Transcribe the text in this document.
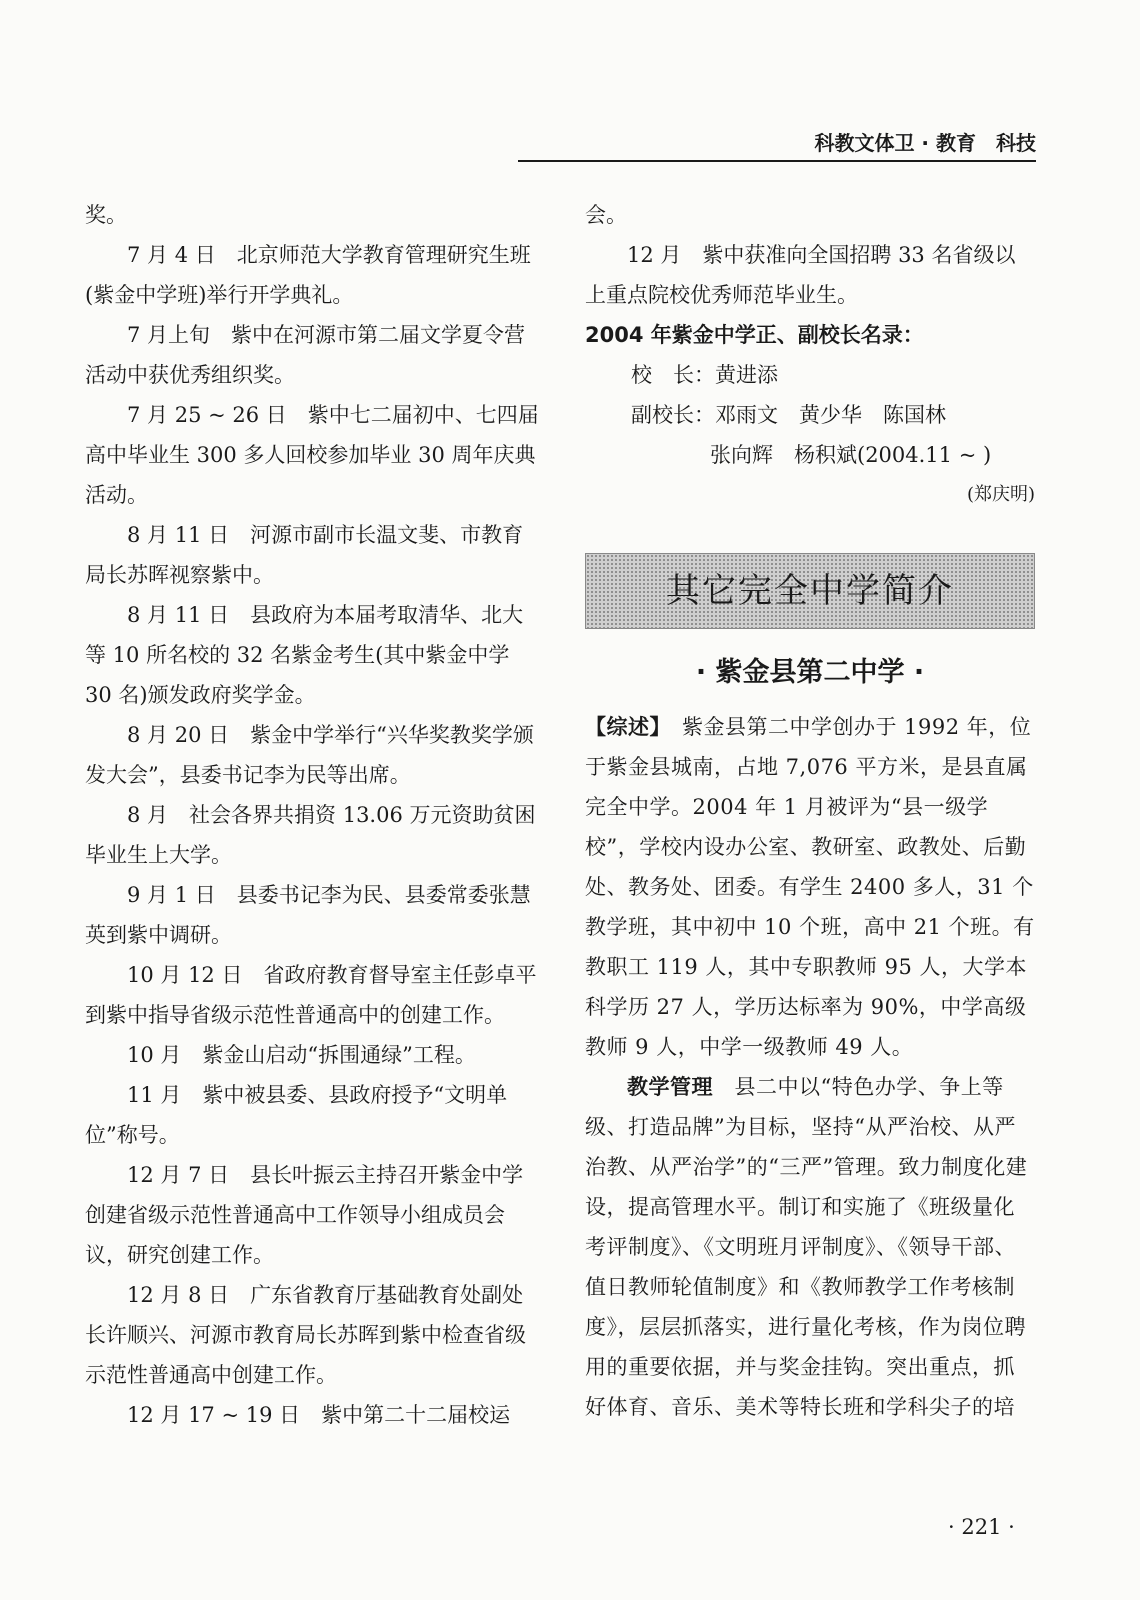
科教文体卫 · 教育　科技

奖。

7 月 4 日　北京师范大学教育管理研究生班(紫金中学班)举行开学典礼。

7 月上旬　紫中在河源市第二届文学夏令营活动中获优秀组织奖。

7 月 25 ~ 26 日　紫中七二届初中、七四届高中毕业生 300 多人回校参加毕业 30 周年庆典活动。

8 月 11 日　河源市副市长温文斐、市教育局长苏晖视察紫中。

8 月 11 日　县政府为本届考取清华、北大等 10 所名校的 32 名紫金考生(其中紫金中学 30 名)颁发政府奖学金。

8 月 20 日　紫金中学举行“兴华奖教奖学颁发大会”，县委书记李为民等出席。

8 月　社会各界共捐资 13.06 万元资助贫困毕业生上大学。

9 月 1 日　县委书记李为民、县委常委张慧英到紫中调研。

10 月 12 日　省政府教育督导室主任彭卓平到紫中指导省级示范性普通高中的创建工作。

10 月　紫金山启动“拆围通绿”工程。

11 月　紫中被县委、县政府授予“文明单位”称号。

12 月 7 日　县长叶振云主持召开紫金中学创建省级示范性普通高中工作领导小组成员会议，研究创建工作。

12 月 8 日　广东省教育厅基础教育处副处长许顺兴、河源市教育局长苏晖到紫中检查省级示范性普通高中创建工作。

12 月 17 ~ 19 日　紫中第二十二届校运

会。

12 月　紫中获准向全国招聘 33 名省级以上重点院校优秀师范毕业生。

2004 年紫金中学正、副校长名录：

校　长：黄进添

副校长：邓雨文　黄少华　陈国林

张向辉　杨积斌(2004.11 ~ )

(郑庆明)

其它完全中学简介
· 紫金县第二中学 ·

【综述】　 紫金县第二中学创办于 1992 年，位于紫金县城南，占地 7,076 平方米，是县直属完全中学。2004 年 1 月被评为“县一级学校”，学校内设办公室、教研室、政教处、后勤处、教务处、团委。有学生 2400 多人，31 个教学班，其中初中 10 个班，高中 21 个班。有教职工 119 人，其中专职教师 95 人，大学本科学历 27 人，学历达标率为 90%，中学高级教师 9 人，中学一级教师 49 人。

教学管理　 县二中以“特色办学、争上等级、打造品牌”为目标，坚持“从严治校、从严治教、从严治学”的“三严”管理。致力制度化建设，提高管理水平。制订和实施了《班级量化考评制度》、《文明班月评制度》、《领导干部、值日教师轮值制度》和《教师教学工作考核制度》，层层抓落实，进行量化考核，作为岗位聘用的重要依据，并与奖金挂钩。突出重点，抓好体育、音乐、美术等特长班和学科尖子的培

· 221 ·
